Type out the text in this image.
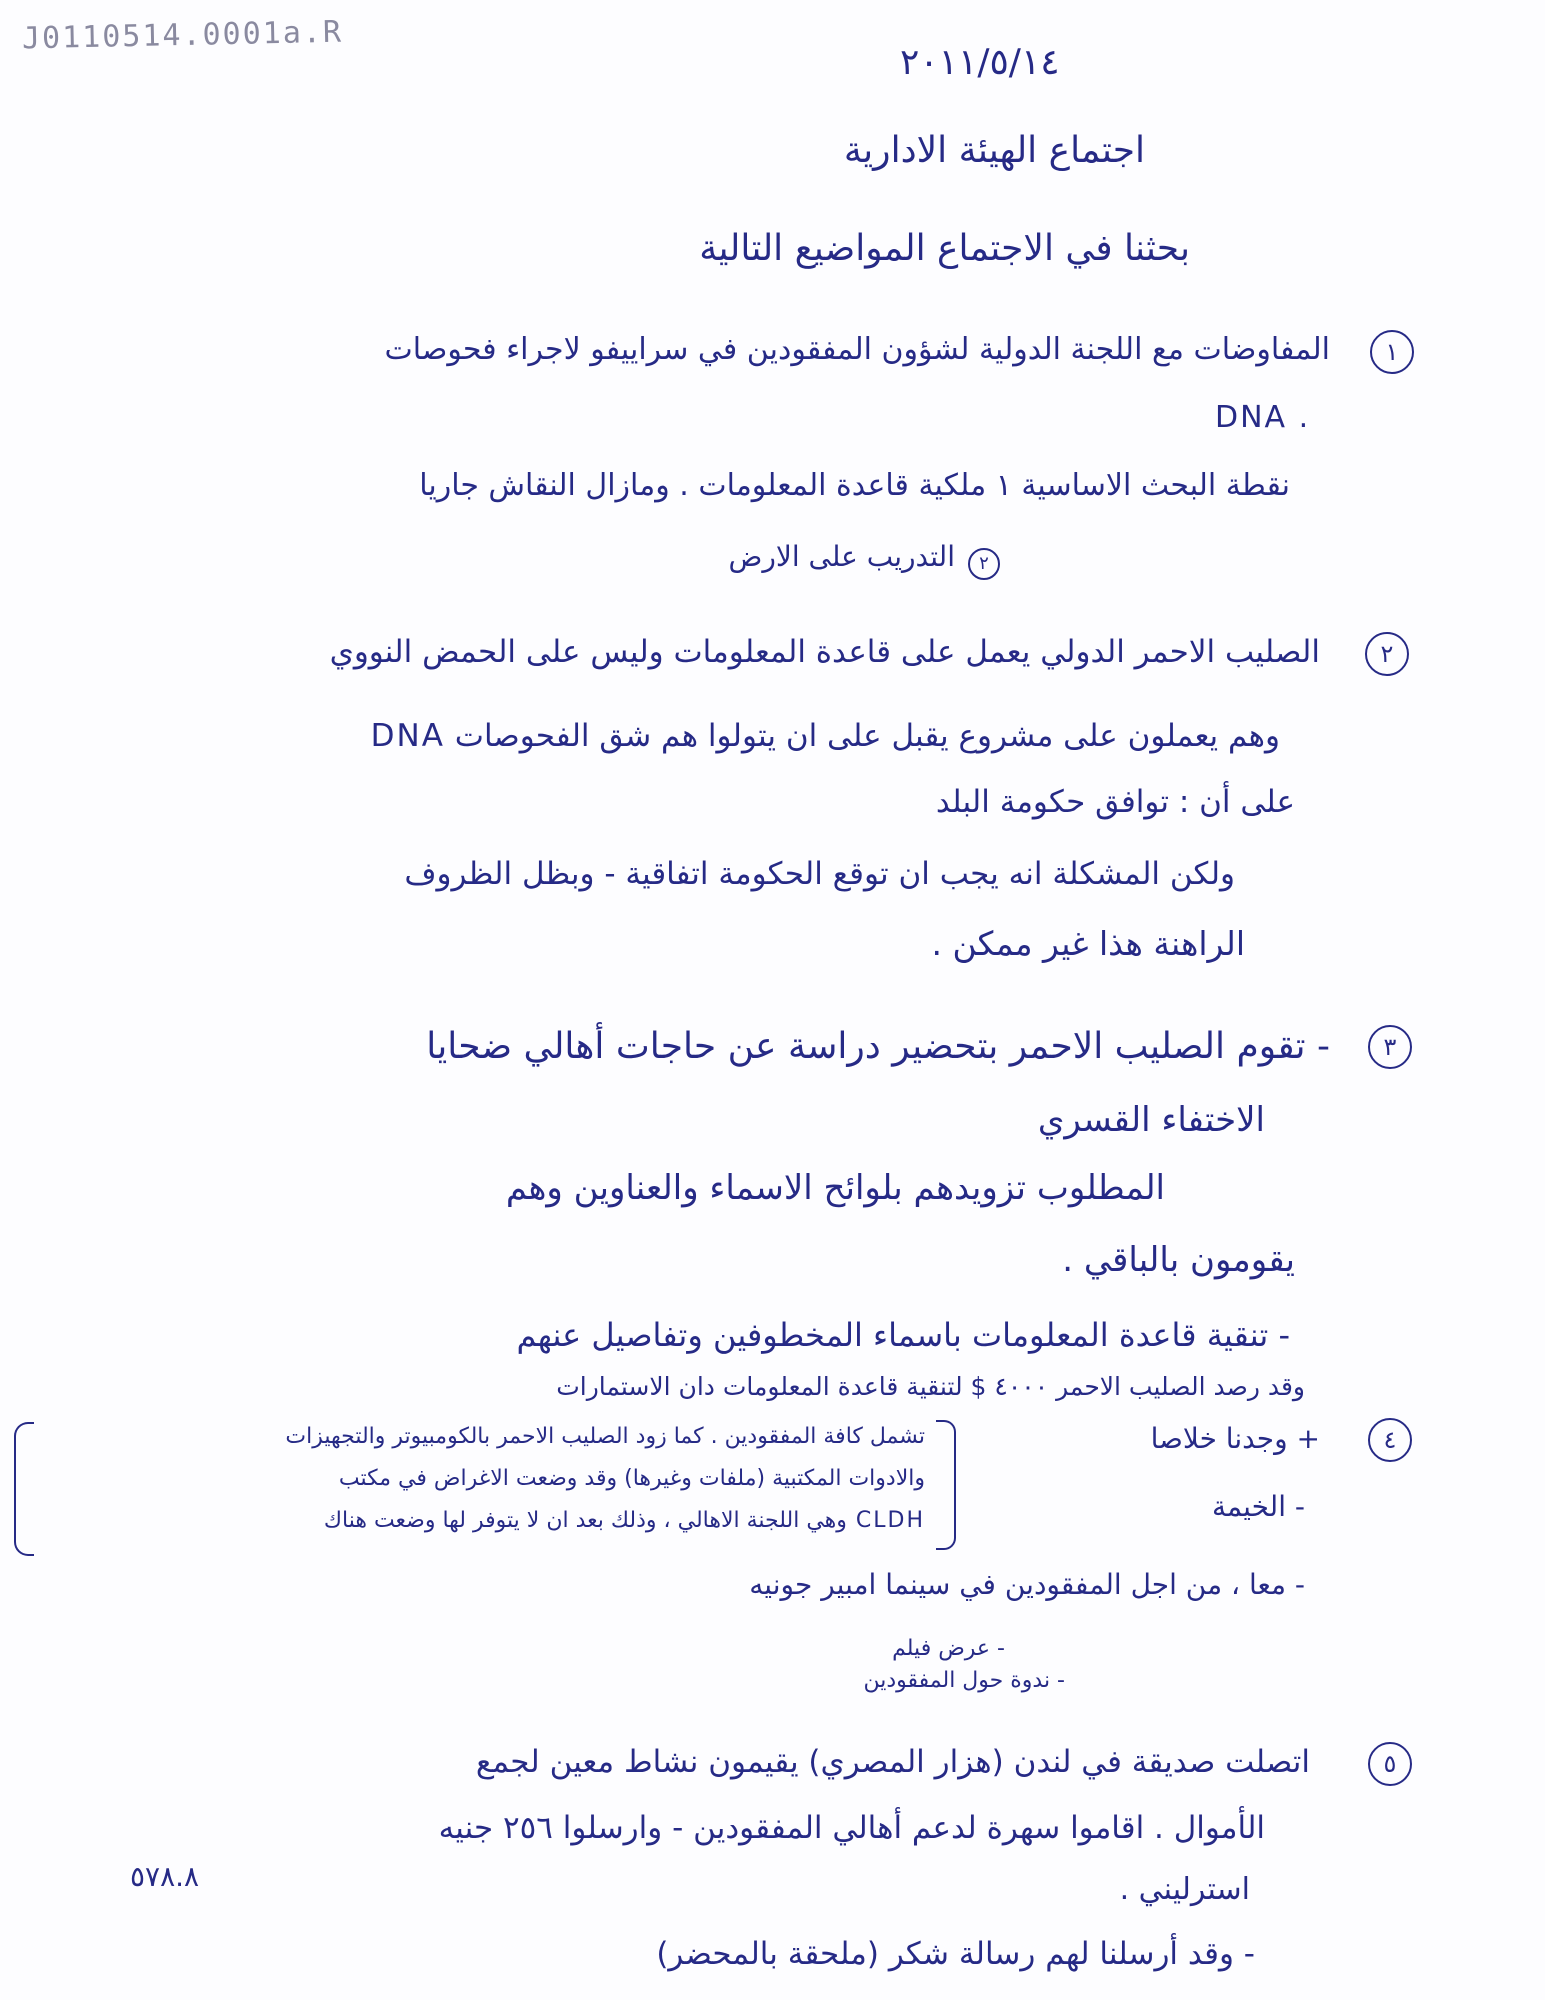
J0110514.0001a.R
٢٠١١/٥/١٤
اجتماع الهيئة الادارية
بحثنا في الاجتماع المواضيع التالية
١
المفاوضات مع اللجنة الدولية لشؤون المفقودين في سراييفو لاجراء فحوصات
DNA .
نقطة البحث الاساسية ١ ملكية قاعدة المعلومات . ومازال النقاش جاريا
٢
التدريب على الارض
٢
الصليب الاحمر الدولي يعمل على قاعدة المعلومات وليس على الحمض النووي
وهم يعملون على مشروع يقبل على ان يتولوا هم شق الفحوصات DNA
على أن : توافق حكومة البلد
ولكن المشكلة انه يجب ان توقع الحكومة اتفاقية - وبظل الظروف
الراهنة هذا غير ممكن .
٣
- تقوم الصليب الاحمر بتحضير دراسة عن حاجات أهالي ضحايا
الاختفاء القسري
المطلوب تزويدهم بلوائح الاسماء والعناوين وهم
يقومون بالباقي .
- تنقية قاعدة المعلومات باسماء المخطوفين وتفاصيل عنهم
وقد رصد الصليب الاحمر ٤٠٠٠ $ لتنقية قاعدة المعلومات دان الاستمارات
٤
+ وجدنا خلاصا
- الخيمة
- معا ، من اجل المفقودين في سينما امبير جونيه
- عرض فيلم
- ندوة حول المفقودين
تشمل كافة المفقودين . كما زود الصليب الاحمر بالكومبيوتر والتجهيزات
والادوات المكتبية (ملفات وغيرها) وقد وضعت الاغراض في مكتب
CLDH وهي اللجنة الاهالي ، وذلك بعد ان لا يتوفر لها وضعت هناك
٥
اتصلت صديقة في لندن (هزار المصري) يقيمون نشاط معين لجمع
الأموال . اقاموا سهرة لدعم أهالي المفقودين - وارسلوا ٢٥٦ جنيه
٥٧٨.٨	استرليني .
- وقد أرسلنا لهم رسالة شكر (ملحقة بالمحضر)
